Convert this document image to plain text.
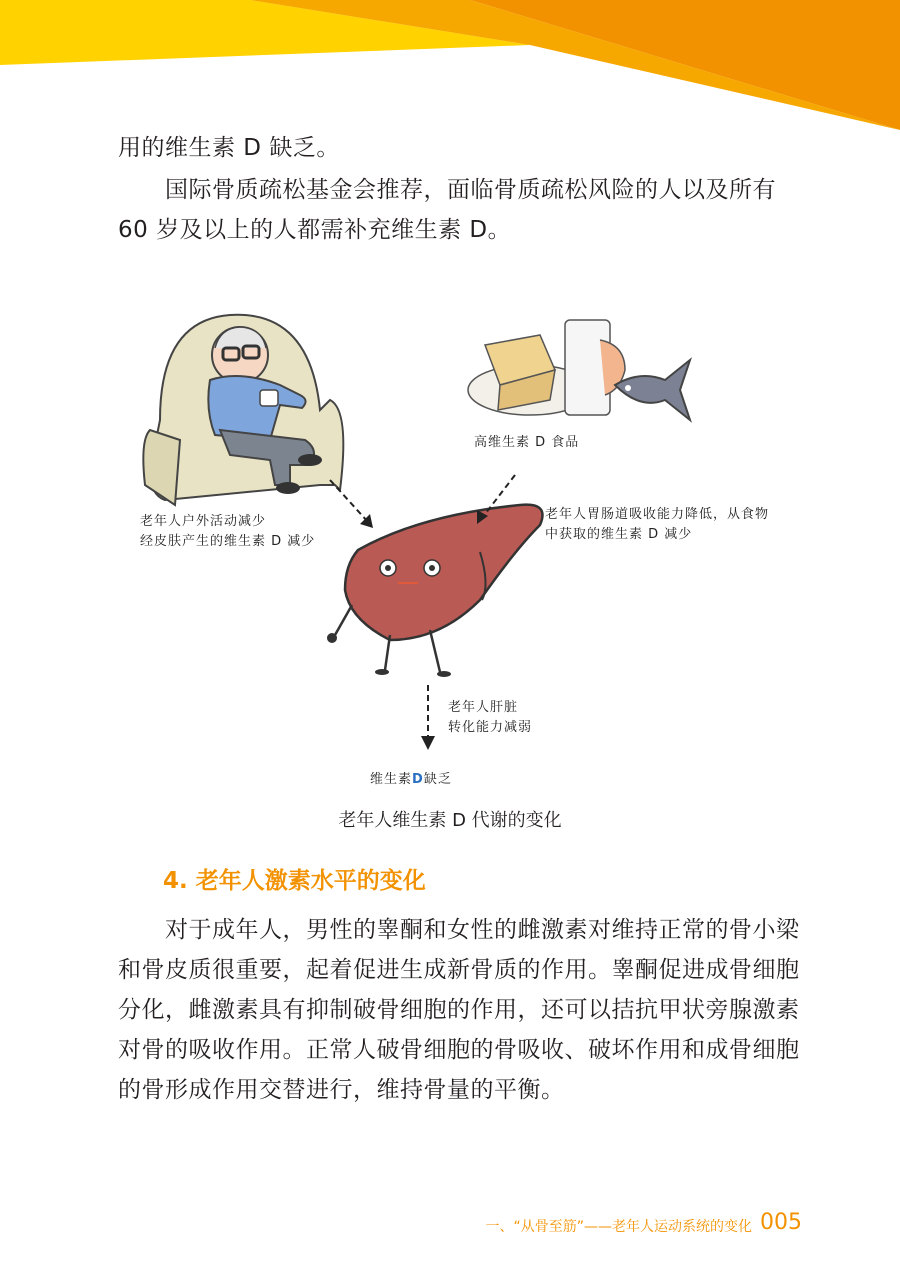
用的维生素 D 缺乏。

国际骨质疏松基金会推荐，面临骨质疏松风险的人以及所有 60 岁及以上的人都需补充维生素 D。

高维生素 D 食品
老年人户外活动减少
经皮肤产生的维生素 D 减少
老年人胃肠道吸收能力降低，从食物
中获取的维生素 D 减少
老年人肝脏
转化能力减弱
维生素D缺乏
老年人维生素 D 代谢的变化
4. 老年人激素水平的变化

对于成年人，男性的睾酮和女性的雌激素对维持正常的骨小梁和骨皮质很重要，起着促进生成新骨质的作用。睾酮促进成骨细胞分化，雌激素具有抑制破骨细胞的作用，还可以拮抗甲状旁腺激素对骨的吸收作用。正常人破骨细胞的骨吸收、破坏作用和成骨细胞的骨形成作用交替进行，维持骨量的平衡。

一、“从骨至筋”——老年人运动系统的变化 005
